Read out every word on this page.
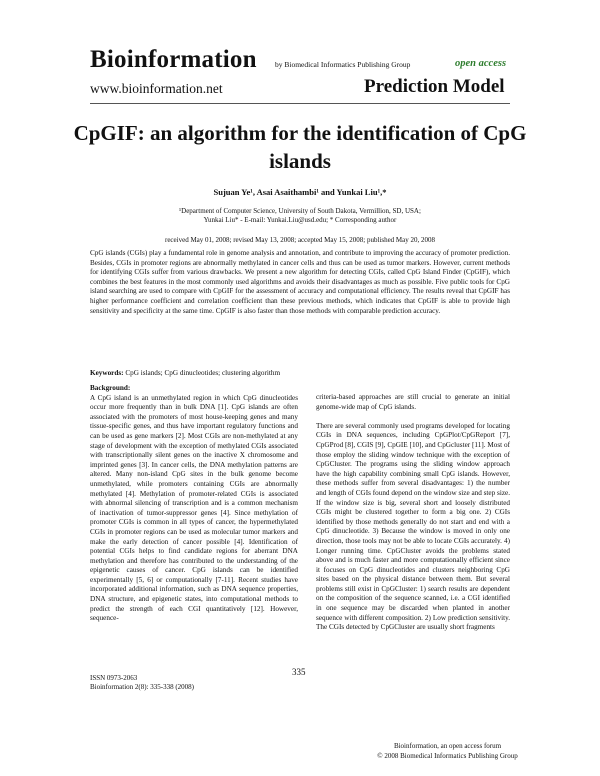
Bioinformation by Biomedical Informatics Publishing Group	open access
www.bioinformation.net	Prediction Model
CpGIF: an algorithm for the identification of CpG islands
Sujuan Ye¹, Asai Asaithambi¹ and Yunkai Liu¹,*
¹Department of Computer Science, University of South Dakota, Vermillion, SD, USA;
Yunkai Liu* - E-mail: Yunkai.Liu@usd.edu; * Corresponding author
received May 01, 2008; revised May 13, 2008; accepted May 15, 2008; published May 20, 2008
CpG islands (CGIs) play a fundamental role in genome analysis and annotation, and contribute to improving the accuracy of promoter prediction. Besides, CGIs in promoter regions are abnormally methylated in cancer cells and thus can be used as tumor markers. However, current methods for identifying CGIs suffer from various drawbacks. We present a new algorithm for detecting CGIs, called CpG Island Finder (CpGIF), which combines the best features in the most commonly used algorithms and avoids their disadvantages as much as possible. Five public tools for CpG island searching are used to compare with CpGIF for the assessment of accuracy and computational efficiency. The results reveal that CpGIF has higher performance coefficient and correlation coefficient than these previous methods, which indicates that CpGIF is able to provide high sensitivity and specificity at the same time. CpGIF is also faster than those methods with comparable prediction accuracy.
Keywords: CpG islands; CpG dinucleotides; clustering algorithm
Background:
A CpG island is an unmethylated region in which CpG dinucleotides occur more frequently than in bulk DNA [1]. CpG islands are often associated with the promoters of most house-keeping genes and many tissue-specific genes, and thus have important regulatory functions and can be used as gene markers [2]. Most CGIs are non-methylated at any stage of development with the exception of methylated CGIs associated with transcriptionally silent genes on the inactive X chromosome and imprinted genes [3]. In cancer cells, the DNA methylation patterns are altered. Many non-island CpG sites in the bulk genome become unmethylated, while promoters containing CGIs are abnormally methylated [4]. Methylation of promoter-related CGIs is associated with abnormal silencing of transcription and is a common mechanism of inactivation of tumor-suppressor genes [4]. Since methylation of promoter CGIs is common in all types of cancer, the hypermethylated CGIs in promoter regions can be used as molecular tumor markers and make the early detection of cancer possible [4]. Identification of potential CGIs helps to find candidate regions for aberrant DNA methylation and therefore has contributed to the understanding of the epigenetic causes of cancer. CpG islands can be identified experimentally [5, 6] or computationally [7-11]. Recent studies have incorporated additional information, such as DNA sequence properties, DNA structure, and epigenetic states, into computational methods to predict the strength of each CGI quantitatively [12]. However, sequence-

criteria-based approaches are still crucial to generate an initial genome-wide map of CpG islands.

There are several commonly used programs developed for locating CGIs in DNA sequences, including CpGPlot/CpGReport [7], CpGProd [8], CGIS [9], CpGIE [10], and CpGcluster [11]. Most of those employ the sliding window technique with the exception of CpGCluster. The programs using the sliding window approach have the high capability combining small CpG islands. However, these methods suffer from several disadvantages: 1) the number and length of CGIs found depend on the window size and step size. If the window size is big, several short and loosely distributed CGIs might be clustered together to form a big one. 2) CGIs identified by those methods generally do not start and end with a CpG dinucleotide. 3) Because the window is moved in only one direction, those tools may not be able to locate CGIs accurately. 4) Longer running time. CpGCluster avoids the problems stated above and is much faster and more computationally efficient since it focuses on CpG dinucleotides and clusters neighboring CpG sites based on the physical distance between them. But several problems still exist in CpGCluster: 1) search results are dependent on the composition of the sequence scanned, i.e. a CGI identified in one sequence may be discarded when planted in another sequence with different composition. 2) Low prediction sensitivity. The CGIs detected by CpGCluster are usually short fragments

ISSN 0973-2063
Bioinformation 2(8): 335-338 (2008)
335
Bioinformation, an open access forum
© 2008 Biomedical Informatics Publishing Group
